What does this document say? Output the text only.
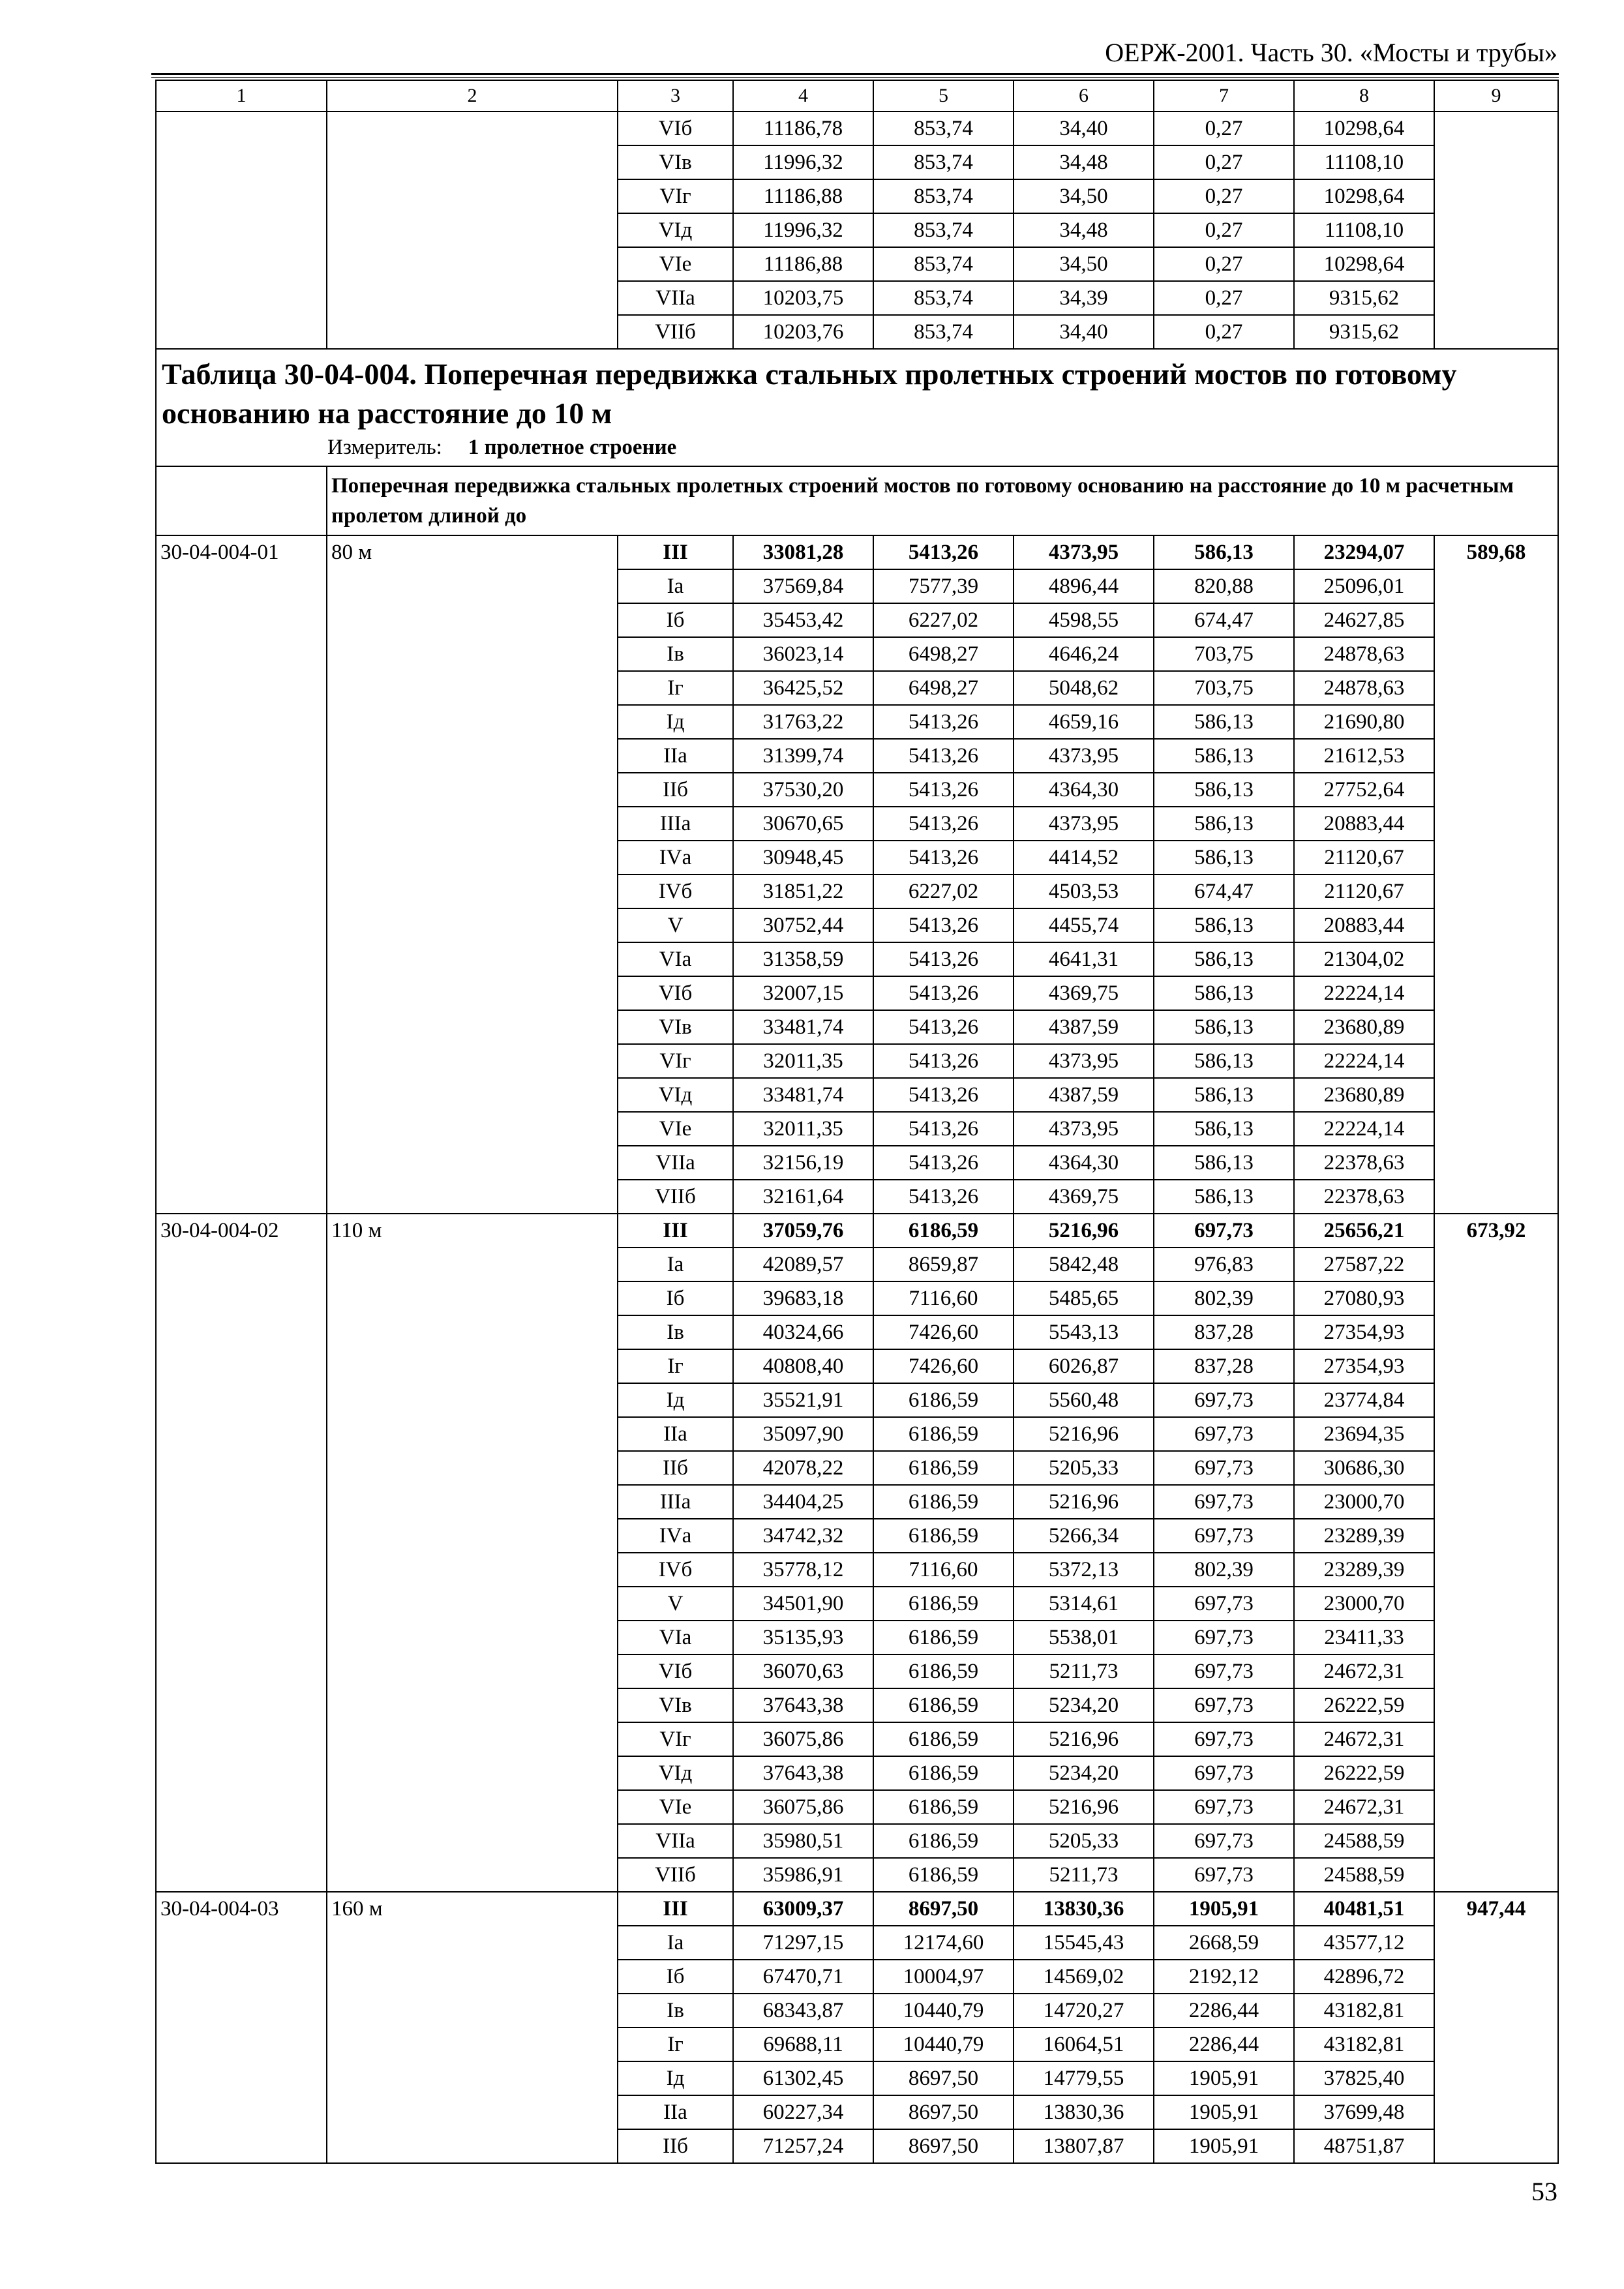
ОЕРЖ-2001. Часть 30. «Мосты и трубы»
1	2	3	4	5	6	7	8	9
		VIб	11186,78	853,74	34,40	0,27	10298,64	
		VIв	11996,32	853,74	34,48	0,27	11108,10	
		VIг	11186,88	853,74	34,50	0,27	10298,64	
		VIд	11996,32	853,74	34,48	0,27	11108,10	
		VIе	11186,88	853,74	34,50	0,27	10298,64	
		VIIа	10203,75	853,74	34,39	0,27	9315,62	
		VIIб	10203,76	853,74	34,40	0,27	9315,62	
Таблица 30-04-004. Поперечная передвижка стальных пролетных строений мостов по готовому основанию на расстояние до 10 м								
Измеритель: 1 пролетное строение								
	Поперечная передвижка стальных пролетных строений мостов по готовому основанию на расстояние до 10 м расчетным пролетом длиной до							
30-04-004-01	80 м	III	33081,28	5413,26	4373,95	586,13	23294,07	589,68
		Iа	37569,84	7577,39	4896,44	820,88	25096,01	
		Iб	35453,42	6227,02	4598,55	674,47	24627,85	
		Iв	36023,14	6498,27	4646,24	703,75	24878,63	
		Iг	36425,52	6498,27	5048,62	703,75	24878,63	
		Iд	31763,22	5413,26	4659,16	586,13	21690,80	
		IIа	31399,74	5413,26	4373,95	586,13	21612,53	
		IIб	37530,20	5413,26	4364,30	586,13	27752,64	
		IIIа	30670,65	5413,26	4373,95	586,13	20883,44	
		IVа	30948,45	5413,26	4414,52	586,13	21120,67	
		IVб	31851,22	6227,02	4503,53	674,47	21120,67	
		V	30752,44	5413,26	4455,74	586,13	20883,44	
		VIа	31358,59	5413,26	4641,31	586,13	21304,02	
		VIб	32007,15	5413,26	4369,75	586,13	22224,14	
		VIв	33481,74	5413,26	4387,59	586,13	23680,89	
		VIг	32011,35	5413,26	4373,95	586,13	22224,14	
		VIд	33481,74	5413,26	4387,59	586,13	23680,89	
		VIе	32011,35	5413,26	4373,95	586,13	22224,14	
		VIIа	32156,19	5413,26	4364,30	586,13	22378,63	
		VIIб	32161,64	5413,26	4369,75	586,13	22378,63	
30-04-004-02	110 м	III	37059,76	6186,59	5216,96	697,73	25656,21	673,92
		Iа	42089,57	8659,87	5842,48	976,83	27587,22	
		Iб	39683,18	7116,60	5485,65	802,39	27080,93	
		Iв	40324,66	7426,60	5543,13	837,28	27354,93	
		Iг	40808,40	7426,60	6026,87	837,28	27354,93	
		Iд	35521,91	6186,59	5560,48	697,73	23774,84	
		IIа	35097,90	6186,59	5216,96	697,73	23694,35	
		IIб	42078,22	6186,59	5205,33	697,73	30686,30	
		IIIа	34404,25	6186,59	5216,96	697,73	23000,70	
		IVа	34742,32	6186,59	5266,34	697,73	23289,39	
		IVб	35778,12	7116,60	5372,13	802,39	23289,39	
		V	34501,90	6186,59	5314,61	697,73	23000,70	
		VIа	35135,93	6186,59	5538,01	697,73	23411,33	
		VIб	36070,63	6186,59	5211,73	697,73	24672,31	
		VIв	37643,38	6186,59	5234,20	697,73	26222,59	
		VIг	36075,86	6186,59	5216,96	697,73	24672,31	
		VIд	37643,38	6186,59	5234,20	697,73	26222,59	
		VIе	36075,86	6186,59	5216,96	697,73	24672,31	
		VIIа	35980,51	6186,59	5205,33	697,73	24588,59	
		VIIб	35986,91	6186,59	5211,73	697,73	24588,59	
30-04-004-03	160 м	III	63009,37	8697,50	13830,36	1905,91	40481,51	947,44
		Iа	71297,15	12174,60	15545,43	2668,59	43577,12	
		Iб	67470,71	10004,97	14569,02	2192,12	42896,72	
		Iв	68343,87	10440,79	14720,27	2286,44	43182,81	
		Iг	69688,11	10440,79	16064,51	2286,44	43182,81	
		Iд	61302,45	8697,50	14779,55	1905,91	37825,40	
		IIа	60227,34	8697,50	13830,36	1905,91	37699,48	
		IIб	71257,24	8697,50	13807,87	1905,91	48751,87	
53
